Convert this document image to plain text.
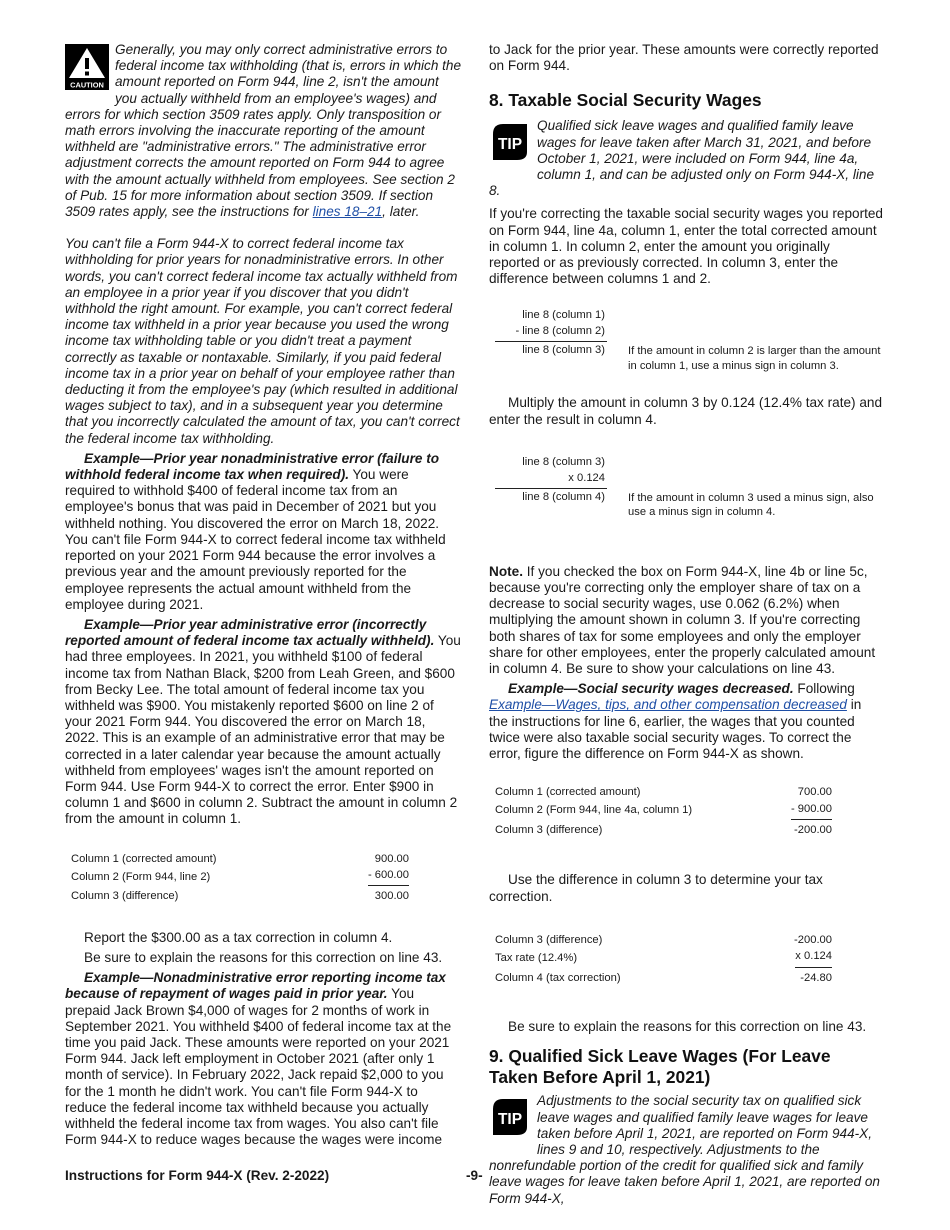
CAUTION

Generally, you may only correct administrative errors to federal income tax withholding (that is, errors in which the amount reported on Form 944, line 2, isn't the amount you actually withheld from an employee's wages) and errors for which section 3509 rates apply. Only transposition or math errors involving the inaccurate reporting of the amount withheld are "administrative errors." The administrative error adjustment corrects the amount reported on Form 944 to agree with the amount actually withheld from employees. See section 2 of Pub. 15 for more information about section 3509. If section 3509 rates apply, see the instructions for lines 18–21, later.

You can't file a Form 944-X to correct federal income tax withholding for prior years for nonadministrative errors. In other words, you can't correct federal income tax actually withheld from an employee in a prior year if you discover that you didn't withhold the right amount. For example, you can't correct federal income tax withheld in a prior year because you used the wrong income tax withholding table or you didn't treat a payment correctly as taxable or nontaxable. Similarly, if you paid federal income tax in a prior year on behalf of your employee rather than deducting it from the employee's pay (which resulted in additional wages subject to tax), and in a subsequent year you determine that you incorrectly calculated the amount of tax, you can't correct the federal income tax withholding.

Example—Prior year nonadministrative error (failure to withhold federal income tax when required). You were required to withhold $400 of federal income tax from an employee's bonus that was paid in December of 2021 but you withheld nothing. You discovered the error on March 18, 2022. You can't file Form 944-X to correct federal income tax withheld reported on your 2021 Form 944 because the error involves a previous year and the amount previously reported for the employee represents the actual amount withheld from the employee during 2021.

Example—Prior year administrative error (incorrectly reported amount of federal income tax actually withheld). You had three employees. In 2021, you withheld $100 of federal income tax from Nathan Black, $200 from Leah Green, and $600 from Becky Lee. The total amount of federal income tax you withheld was $900. You mistakenly reported $600 on line 2 of your 2021 Form 944. You discovered the error on March 18, 2022. This is an example of an administrative error that may be corrected in a later calendar year because the amount actually withheld from employees' wages isn't the amount reported on Form 944. Use Form 944-X to correct the error. Enter $900 in column 1 and $600 in column 2. Subtract the amount in column 2 from the amount in column 1.

Column 1 (corrected amount)	900.00
Column 2 (Form 944, line 2)	- 600.00
Column 3 (difference)	300.00

Report the $300.00 as a tax correction in column 4.

Be sure to explain the reasons for this correction on line 43.

Example—Nonadministrative error reporting income tax because of repayment of wages paid in prior year. You prepaid Jack Brown $4,000 of wages for 2 months of work in September 2021. You withheld $400 of federal income tax at the time you paid Jack. These amounts were reported on your 2021 Form 944. Jack left employment in October 2021 (after only 1 month of service). In February 2022, Jack repaid $2,000 to you for the 1 month he didn't work. You can't file Form 944-X to reduce the federal income tax withheld because you actually withheld the federal income tax from wages. You also can't file Form 944-X to reduce wages because the wages were income

to Jack for the prior year. These amounts were correctly reported on Form 944.

8. Taxable Social Security Wages
TIP

Qualified sick leave wages and qualified family leave wages for leave taken after March 31, 2021, and before October 1, 2021, were included on Form 944, line 4a, column 1, and can be adjusted only on Form 944-X, line 8.

If you're correcting the taxable social security wages you reported on Form 944, line 4a, column 1, enter the total corrected amount in column 1. In column 2, enter the amount you originally reported or as previously corrected. In column 3, enter the difference between columns 1 and 2.

line 8 (column 1)
- line 8 (column 2)
line 8 (column 3) If the amount in column 2 is larger than the amount in column 1, use a minus sign in column 3.

Multiply the amount in column 3 by 0.124 (12.4% tax rate) and enter the result in column 4.

line 8 (column 3)
x 0.124
line 8 (column 4) If the amount in column 3 used a minus sign, also use a minus sign in column 4.

Note. If you checked the box on Form 944-X, line 4b or line 5c, because you're correcting only the employer share of tax on a decrease to social security wages, use 0.062 (6.2%) when multiplying the amount shown in column 3. If you're correcting both shares of tax for some employees and only the employer share for other employees, enter the properly calculated amount in column 4. Be sure to show your calculations on line 43.

Example—Social security wages decreased. Following Example—Wages, tips, and other compensation decreased in the instructions for line 6, earlier, the wages that you counted twice were also taxable social security wages. To correct the error, figure the difference on Form 944-X as shown.

Column 1 (corrected amount)	700.00
Column 2 (Form 944, line 4a, column 1)	- 900.00
Column 3 (difference)	-200.00

Use the difference in column 3 to determine your tax correction.

Column 3 (difference)	-200.00
Tax rate (12.4%)	x 0.124
Column 4 (tax correction)	-24.80

Be sure to explain the reasons for this correction on line 43.

9. Qualified Sick Leave Wages (For Leave Taken Before April 1, 2021)
TIP

Adjustments to the social security tax on qualified sick leave wages and qualified family leave wages for leave taken before April 1, 2021, are reported on Form 944-X, lines 9 and 10, respectively. Adjustments to the nonrefundable portion of the credit for qualified sick and family leave wages for leave taken before April 1, 2021, are reported on Form 944-X,

Instructions for Form 944-X (Rev. 2-2022)	-9-
